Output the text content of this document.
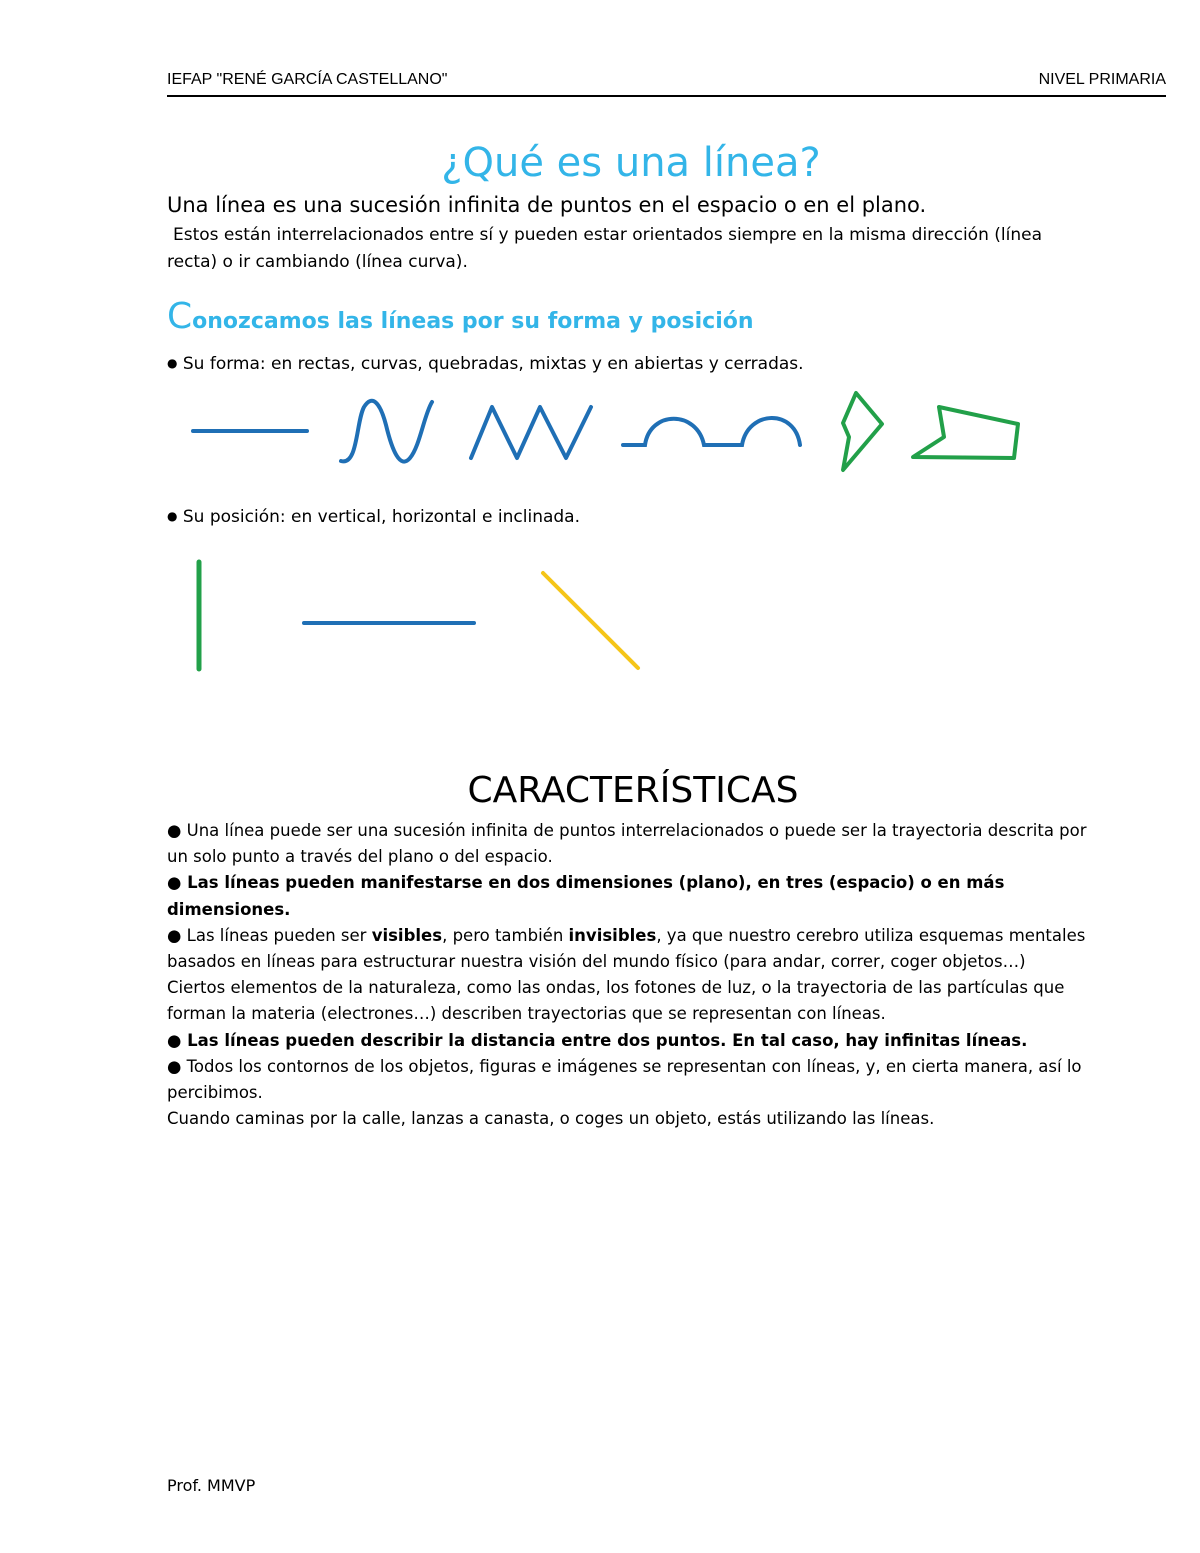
IEFAP "RENÉ GARCÍA CASTELLANO"	NIVEL PRIMARIA
¿Qué es una línea?
Una línea es una sucesión infinita de puntos en el espacio o en el plano.
Estos están interrelacionados entre sí y pueden estar orientados siempre en la misma dirección (línea recta) o ir cambiando (línea curva).
Conozcamos las líneas por su forma y posición
● Su forma: en rectas, curvas, quebradas, mixtas y en abiertas y cerradas.
● Su posición: en vertical, horizontal e inclinada.
CARACTERÍSTICAS

● Una línea puede ser una sucesión infinita de puntos interrelacionados o puede ser la trayectoria descrita por un solo punto a través del plano o del espacio.

● Las líneas pueden manifestarse en dos dimensiones (plano), en tres (espacio) o en más dimensiones.

● Las líneas pueden ser visibles, pero también invisibles, ya que nuestro cerebro utiliza esquemas mentales basados en líneas para estructurar nuestra visión del mundo físico (para andar, correr, coger objetos…)

Ciertos elementos de la naturaleza, como las ondas, los fotones de luz, o la trayectoria de las partículas que forman la materia (electrones…) describen trayectorias que se representan con líneas.

● Las líneas pueden describir la distancia entre dos puntos. En tal caso, hay infinitas líneas.

● Todos los contornos de los objetos, figuras e imágenes se representan con líneas, y, en cierta manera, así lo percibimos.

Cuando caminas por la calle, lanzas a canasta, o coges un objeto, estás utilizando las líneas.

Prof. MMVP
